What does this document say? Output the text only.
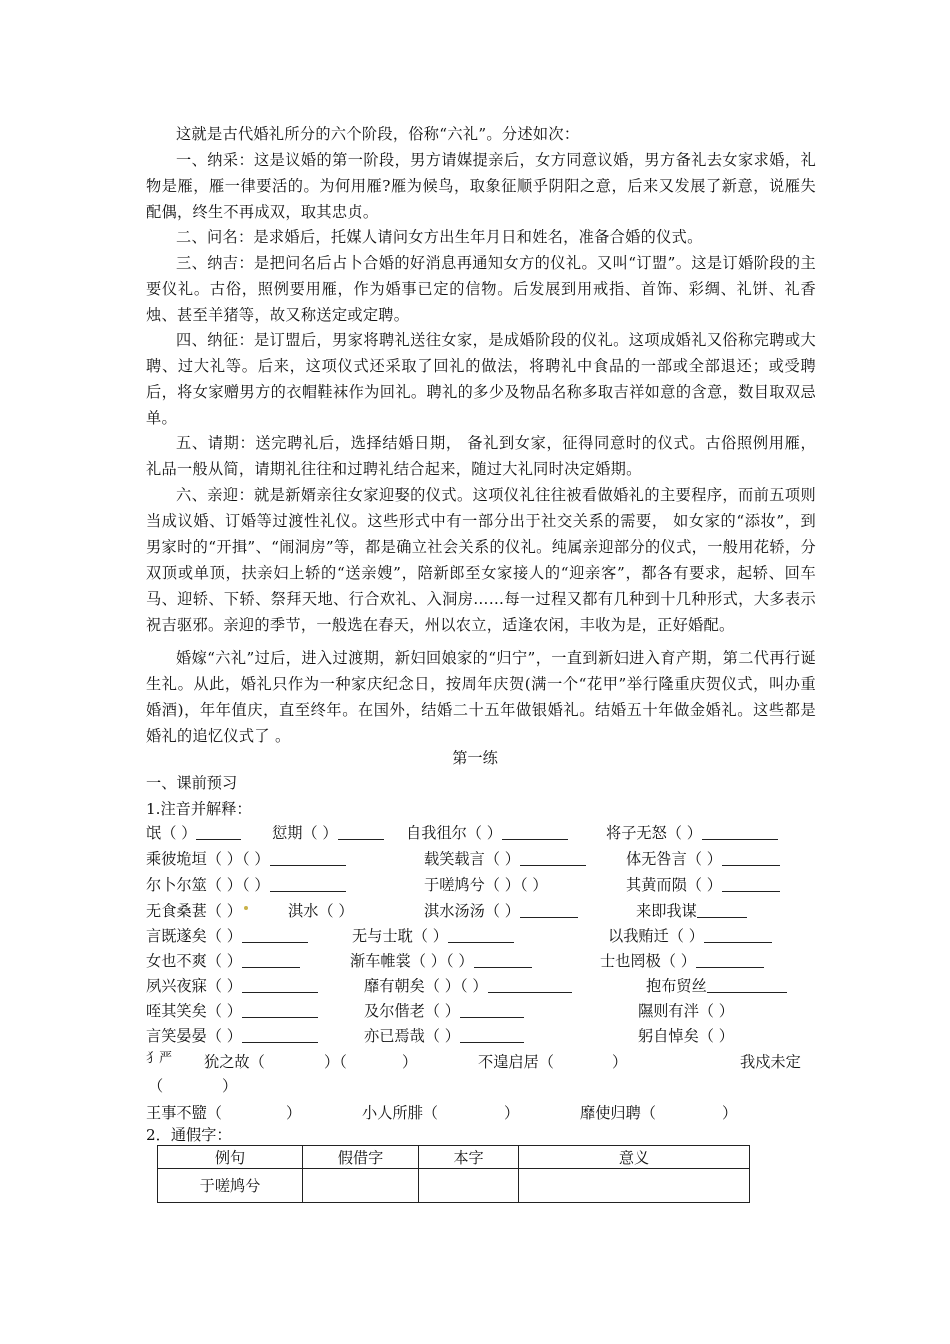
这就是古代婚礼所分的六个阶段，俗称“六礼”。分述如次：
一、纳采：这是议婚的第一阶段，男方请媒提亲后，女方同意议婚，男方备礼去女家求婚，礼物是雁，雁一律要活的。为何用雁?雁为候鸟，取象征顺乎阴阳之意，后来又发展了新意，说雁失配偶，终生不再成双，取其忠贞。
二、问名：是求婚后，托媒人请问女方出生年月日和姓名，准备合婚的仪式。
三、纳吉：是把问名后占卜合婚的好消息再通知女方的仪礼。又叫“订盟”。这是订婚阶段的主要仪礼。古俗，照例要用雁，作为婚事已定的信物。后发展到用戒指、首饰、彩绸、礼饼、礼香烛、甚至羊猪等，故又称送定或定聘。
四、纳征：是订盟后，男家将聘礼送往女家，是成婚阶段的仪礼。这项成婚礼又俗称完聘或大聘、过大礼等。后来，这项仪式还采取了回礼的做法，将聘礼中食品的一部或全部退还；或受聘后，将女家赠男方的衣帽鞋袜作为回礼。聘礼的多少及物品名称多取吉祥如意的含意，数目取双忌单。
五、请期：送完聘礼后，选择结婚日期， 备礼到女家，征得同意时的仪式。古俗照例用雁，礼品一般从简，请期礼往往和过聘礼结合起来，随过大礼同时决定婚期。
六、亲迎：就是新婿亲往女家迎娶的仪式。这项仪礼往往被看做婚礼的主要程序，而前五项则当成议婚、订婚等过渡性礼仪。这些形式中有一部分出于社交关系的需要， 如女家的“添妆”，到男家时的“开揖”、“闹洞房”等，都是确立社会关系的仪礼。纯属亲迎部分的仪式，一般用花轿，分双顶或单顶，扶亲妇上轿的“送亲嫂”，陪新郎至女家接人的“迎亲客”，都各有要求，起轿、回车马、迎轿、下轿、祭拜天地、行合欢礼、入洞房……每一过程又都有几种到十几种形式，大多表示祝吉驱邪。亲迎的季节，一般选在春天，州以农立，适逢农闲，丰收为是，正好婚配。
婚嫁“六礼”过后，进入过渡期，新妇回娘家的“归宁”，一直到新妇进入育产期，第二代再行诞生礼。从此，婚礼只作为一种家庆纪念日，按周年庆贺(满一个“花甲”举行隆重庆贺仪式，叫办重婚酒)，年年值庆，直至终年。在国外，结婚二十五年做银婚礼。结婚五十年做金婚礼。这些都是婚礼的追忆仪式了 。
第一练
一、课前预习
1.注音并解释：
氓（ ）	愆期（ ）	自我徂尔（ ）	将子无怒（ ）
乘彼垝垣（ ）（ ）	载笑载言（ ）	体无咎言（ ）
尔卜尔筮（ ）（ ）	于嗟鸠兮（ ）（ ）	其黄而陨（ ）
无食桑葚（ ）	淇水（ ）	淇水汤汤（ ）	来即我谋
言既遂矣（ ）	无与士耽（ ）	以我贿迁（ ）
女也不爽（ ）	渐车帷裳（ ）（ ）	士也罔极（ ）
夙兴夜寐（ ）	靡有朝矣（ ）（ ）	抱布贸丝
咥其笑矣（ ）	及尔偕老（ ）	隰则有泮（ ）
言笑晏晏（ ）	亦已焉哉（ ）	躬自悼矣（ ）
犭严 狁之故（	）（	）	不遑启居（	）	我戍未定
（	）
王事不盬（	）	小人所腓（	）	靡使归聘（	）
2．通假字：
例句	假借字	本字	意义
于嗟鸠兮			
